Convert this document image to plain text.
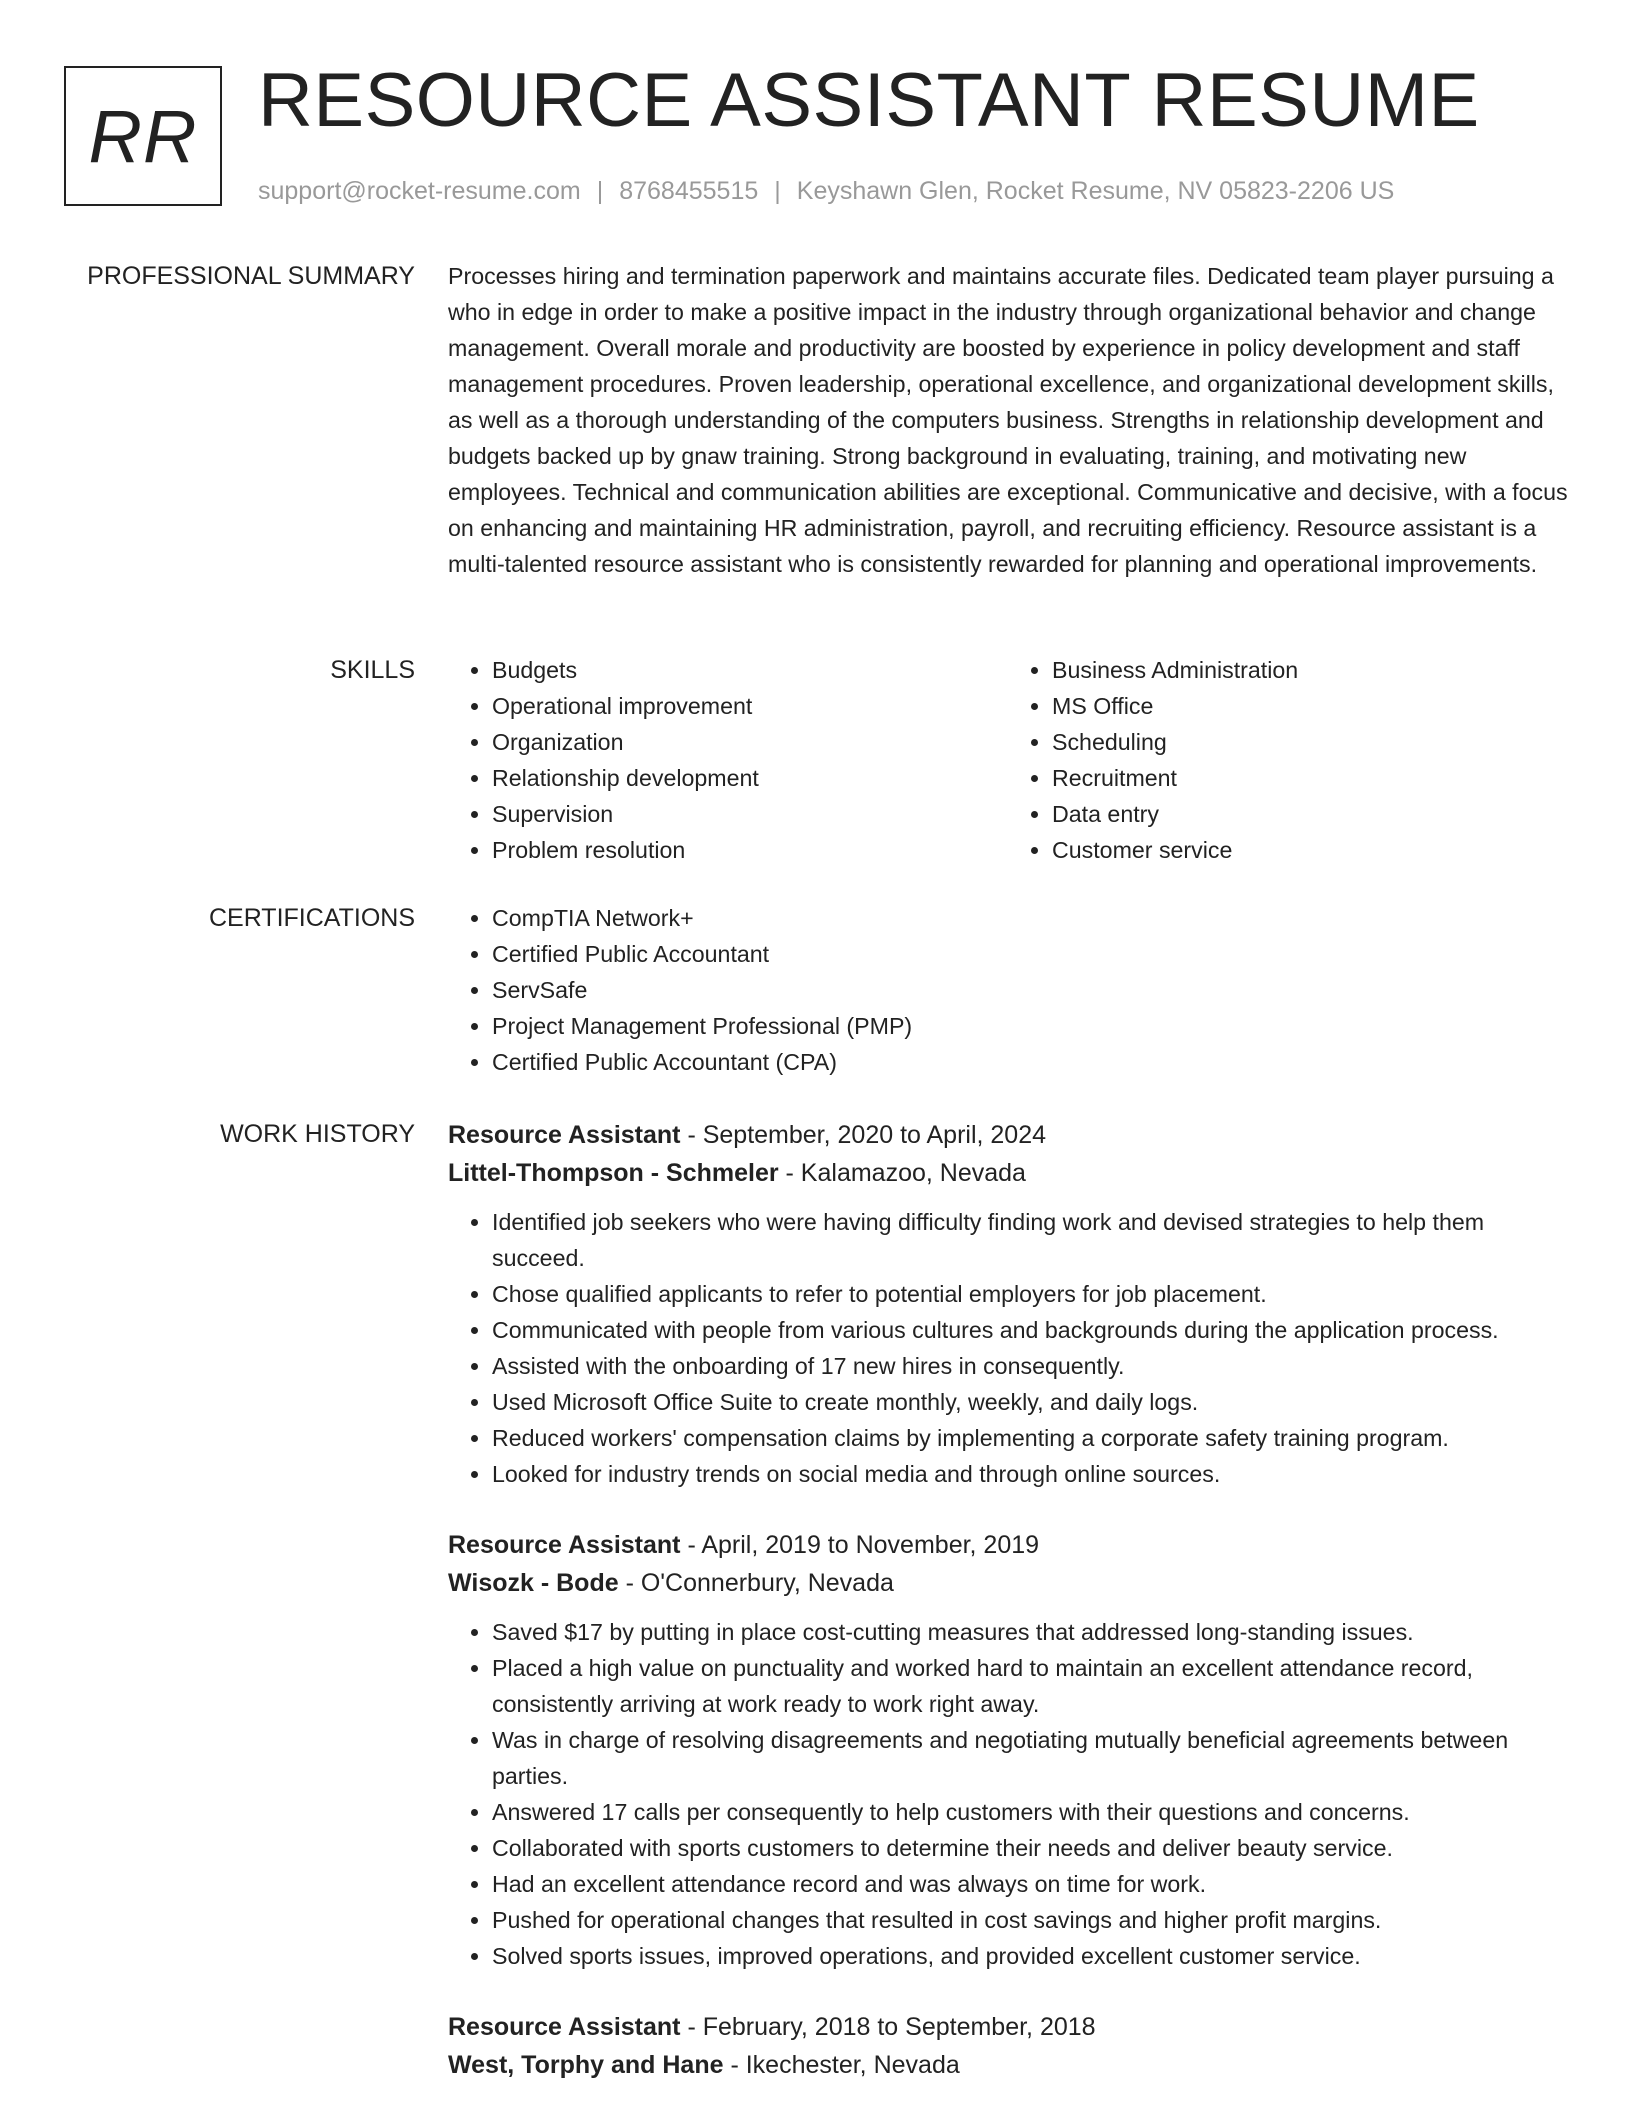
RR RESOURCE ASSISTANT RESUME
support@rocket-resume.com | 8768455515 | Keyshawn Glen, Rocket Resume, NV 05823-2206 US
PROFESSIONAL SUMMARY Processes hiring and termination paperwork and maintains accurate files. Dedicated team player pursuing a who in edge in order to make a positive impact in the industry through organizational behavior and change management. Overall morale and productivity are boosted by experience in policy development and staff management procedures. Proven leadership, operational excellence, and organizational development skills, as well as a thorough understanding of the computers business. Strengths in relationship development and budgets backed up by gnaw training. Strong background in evaluating, training, and motivating new employees. Technical and communication abilities are exceptional. Communicative and decisive, with a focus on enhancing and maintaining HR administration, payroll, and recruiting efficiency. Resource assistant is a multi-talented resource assistant who is consistently rewarded for planning and operational improvements.

SKILLS	• Budgets
• Operational improvement
• Organization
• Relationship development
• Supervision
• Problem resolution
• Business Administration
• MS Office
• Scheduling
• Recruitment
• Data entry
• Customer service
CERTIFICATIONS	• CompTIA Network+
• Certified Public Accountant
• ServSafe
• Project Management Professional (PMP)
• Certified Public Accountant (CPA)
WORK HISTORY Resource Assistant - September, 2020 to April, 2024
Littel-Thompson - Schmeler - Kalamazoo, Nevada
• Identified job seekers who were having difficulty finding work and devised strategies to help them succeed.
• Chose qualified applicants to refer to potential employers for job placement.
• Communicated with people from various cultures and backgrounds during the application process.
• Assisted with the onboarding of 17 new hires in consequently.
• Used Microsoft Office Suite to create monthly, weekly, and daily logs.
• Reduced workers' compensation claims by implementing a corporate safety training program.
• Looked for industry trends on social media and through online sources.
Resource Assistant - April, 2019 to November, 2019
Wisozk - Bode - O'Connerbury, Nevada
• Saved $17 by putting in place cost-cutting measures that addressed long-standing issues.
• Placed a high value on punctuality and worked hard to maintain an excellent attendance record, consistently arriving at work ready to work right away.
• Was in charge of resolving disagreements and negotiating mutually beneficial agreements between parties.
• Answered 17 calls per consequently to help customers with their questions and concerns.
• Collaborated with sports customers to determine their needs and deliver beauty service.
• Had an excellent attendance record and was always on time for work.
• Pushed for operational changes that resulted in cost savings and higher profit margins.
• Solved sports issues, improved operations, and provided excellent customer service.
Resource Assistant - February, 2018 to September, 2018
West, Torphy and Hane - Ikechester, Nevada
